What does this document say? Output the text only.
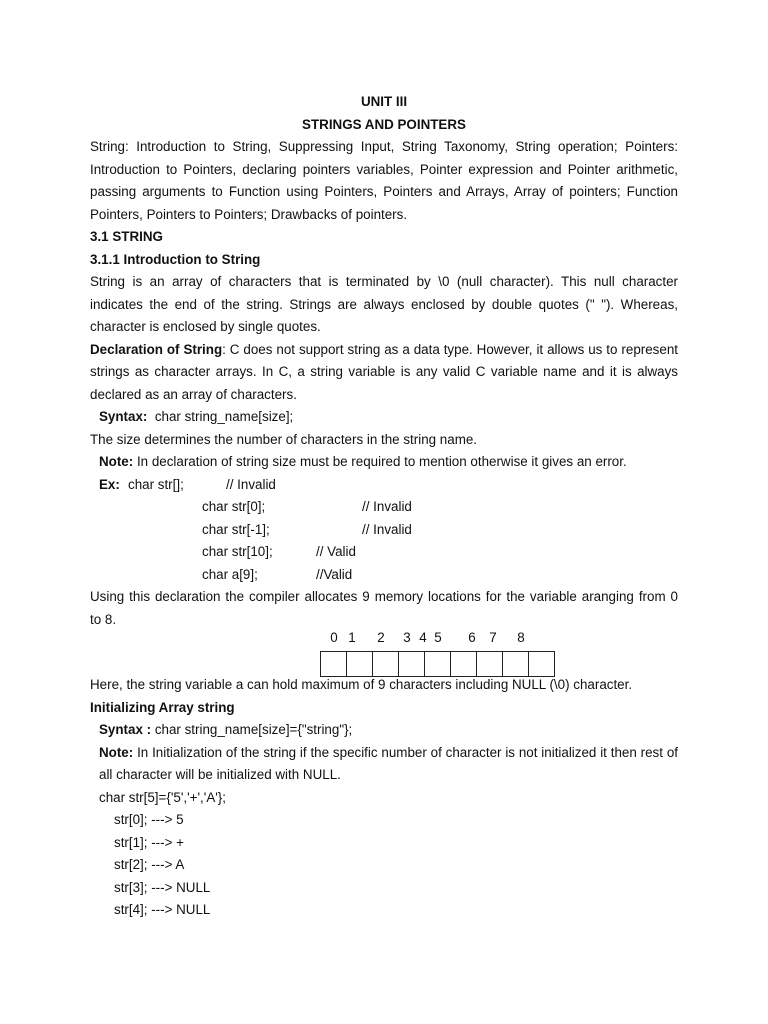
UNIT III
STRINGS AND POINTERS
String: Introduction to String, Suppressing Input, String Taxonomy, String operation; Pointers:
Introduction to Pointers, declaring pointers variables, Pointer expression and Pointer arithmetic,
passing arguments to Function using Pointers, Pointers and Arrays, Array of pointers; Function
Pointers, Pointers to Pointers; Drawbacks of pointers.
3.1 STRING
3.1.1 Introduction to String
String is an array of characters that is terminated by \0 (null character). This null character
indicates the end of the string. Strings are always enclosed by double quotes (" "). Whereas,
character is enclosed by single quotes.
Declaration of String: C does not support string as a data type. However, it allows us to represent
strings as character arrays. In C, a string variable is any valid C variable name and it is always
declared as an array of characters.
Syntax: char string_name[size];
The size determines the number of characters in the string name.
Note: In declaration of string size must be required to mention otherwise it gives an error.
Ex: char str[];	// Invalid
char str[0];	// Invalid
char str[-1];	// Invalid
char str[10];	// Valid
char a[9];	//Valid
Using this declaration the compiler allocates 9 memory locations for the variable aranging from 0
to 8.
0 1	2	3 4 5	6	7	8
Here, the string variable a can hold maximum of 9 characters including NULL (\0) character.
Initializing Array string
Syntax : char string_name[size]={"string"};
Note: In Initialization of the string if the specific number of character is not initialized it then rest of
all character will be initialized with NULL.
char str[5]={'5','+','A'};
str[0]; ---> 5
str[1]; ---> +
str[2]; ---> A
str[3]; ---> NULL
str[4]; ---> NULL
